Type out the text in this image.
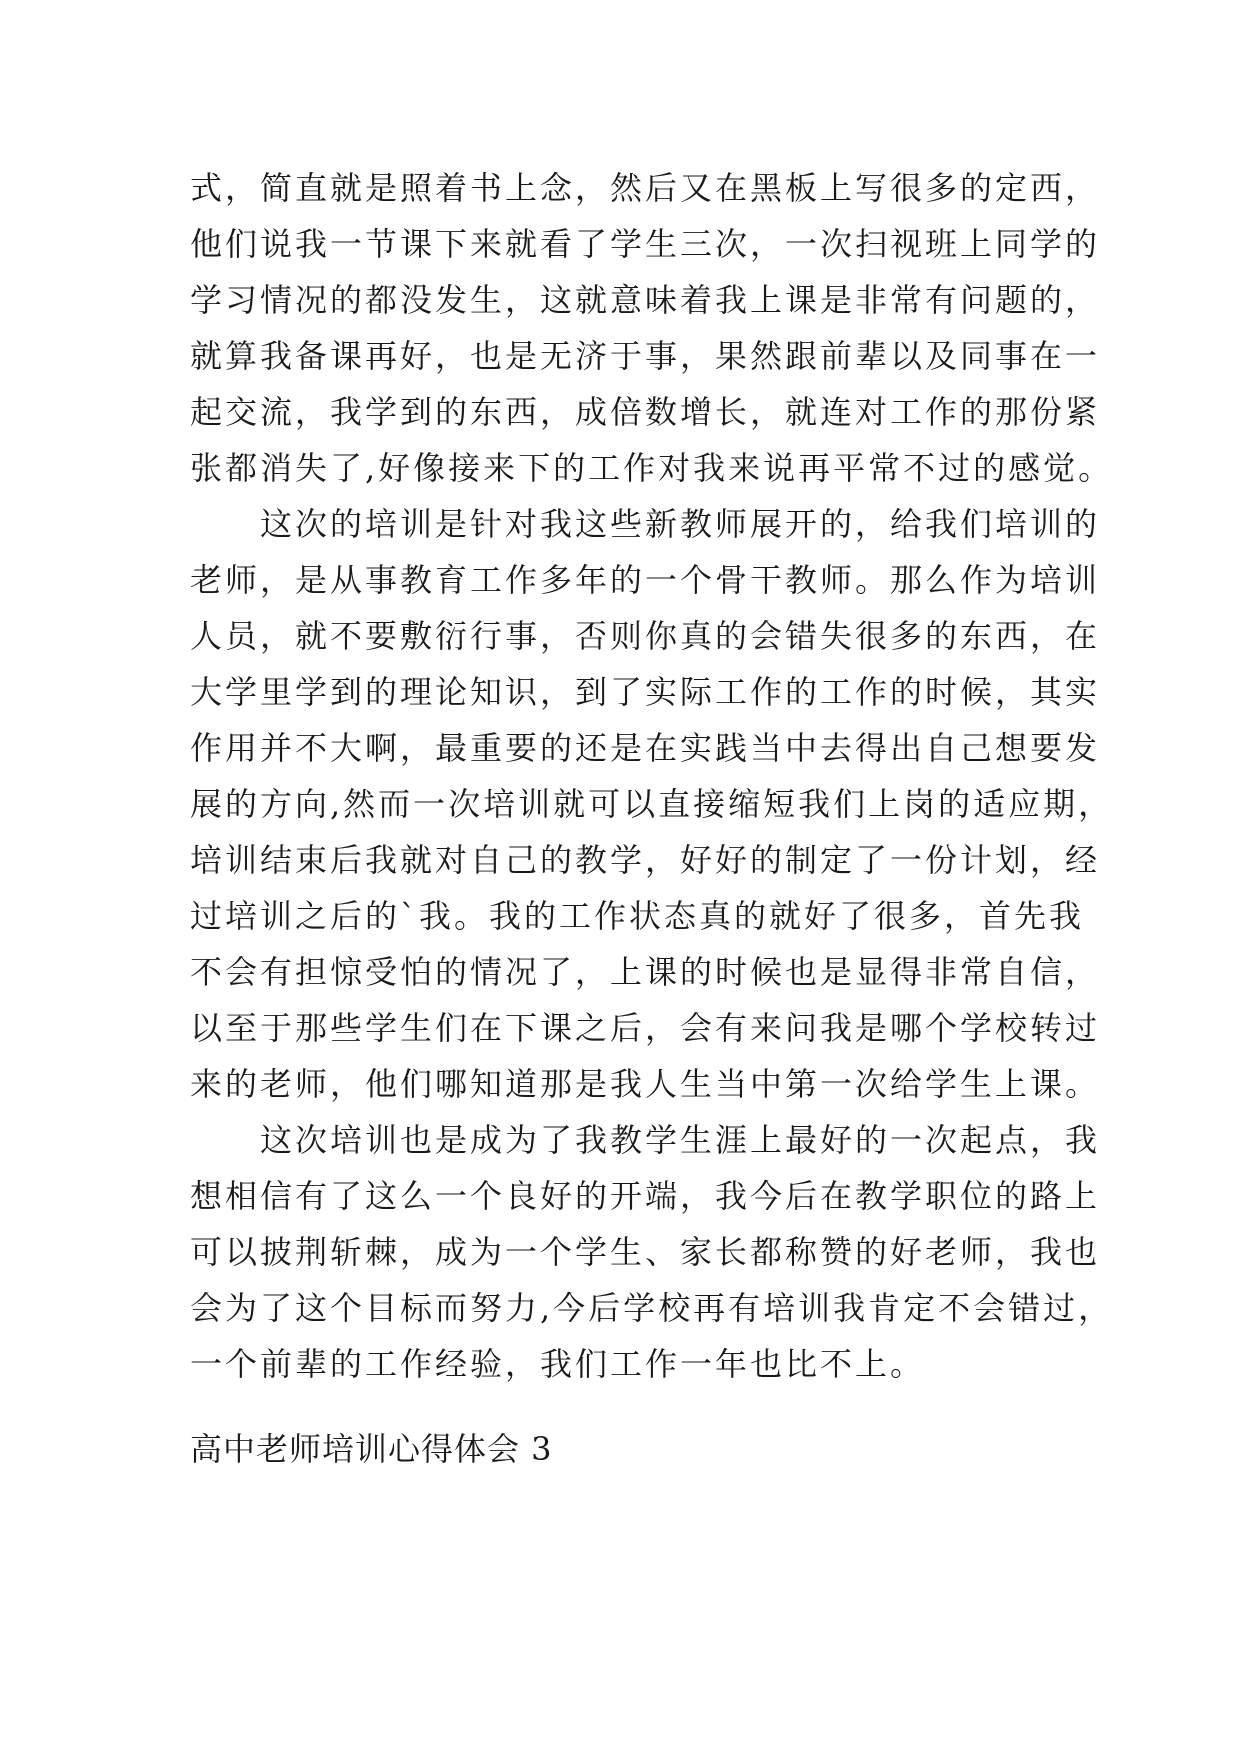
式，简直就是照着书上念，然后又在黑板上写很多的定西，
他们说我一节课下来就看了学生三次，一次扫视班上同学的
学习情况的都没发生，这就意味着我上课是非常有问题的，
就算我备课再好，也是无济于事，果然跟前辈以及同事在一
起交流，我学到的东西，成倍数增长，就连对工作的那份紧
张都消失了,好像接来下的工作对我来说再平常不过的感觉。
　　这次的培训是针对我这些新教师展开的，给我们培训的
老师，是从事教育工作多年的一个骨干教师。那么作为培训
人员，就不要敷衍行事，否则你真的会错失很多的东西，在
大学里学到的理论知识，到了实际工作的工作的时候，其实
作用并不大啊，最重要的还是在实践当中去得出自己想要发
展的方向,然而一次培训就可以直接缩短我们上岗的适应期，
培训结束后我就对自己的教学，好好的制定了一份计划，经
过培训之后的`我。我的工作状态真的就好了很多，首先我
不会有担惊受怕的情况了，上课的时候也是显得非常自信，
以至于那些学生们在下课之后，会有来问我是哪个学校转过
来的老师，他们哪知道那是我人生当中第一次给学生上课。
　　这次培训也是成为了我教学生涯上最好的一次起点，我
想相信有了这么一个良好的开端，我今后在教学职位的路上
可以披荆斩棘，成为一个学生、家长都称赞的好老师，我也
会为了这个目标而努力,今后学校再有培训我肯定不会错过，
一个前辈的工作经验，我们工作一年也比不上。
高中老师培训心得体会 3
